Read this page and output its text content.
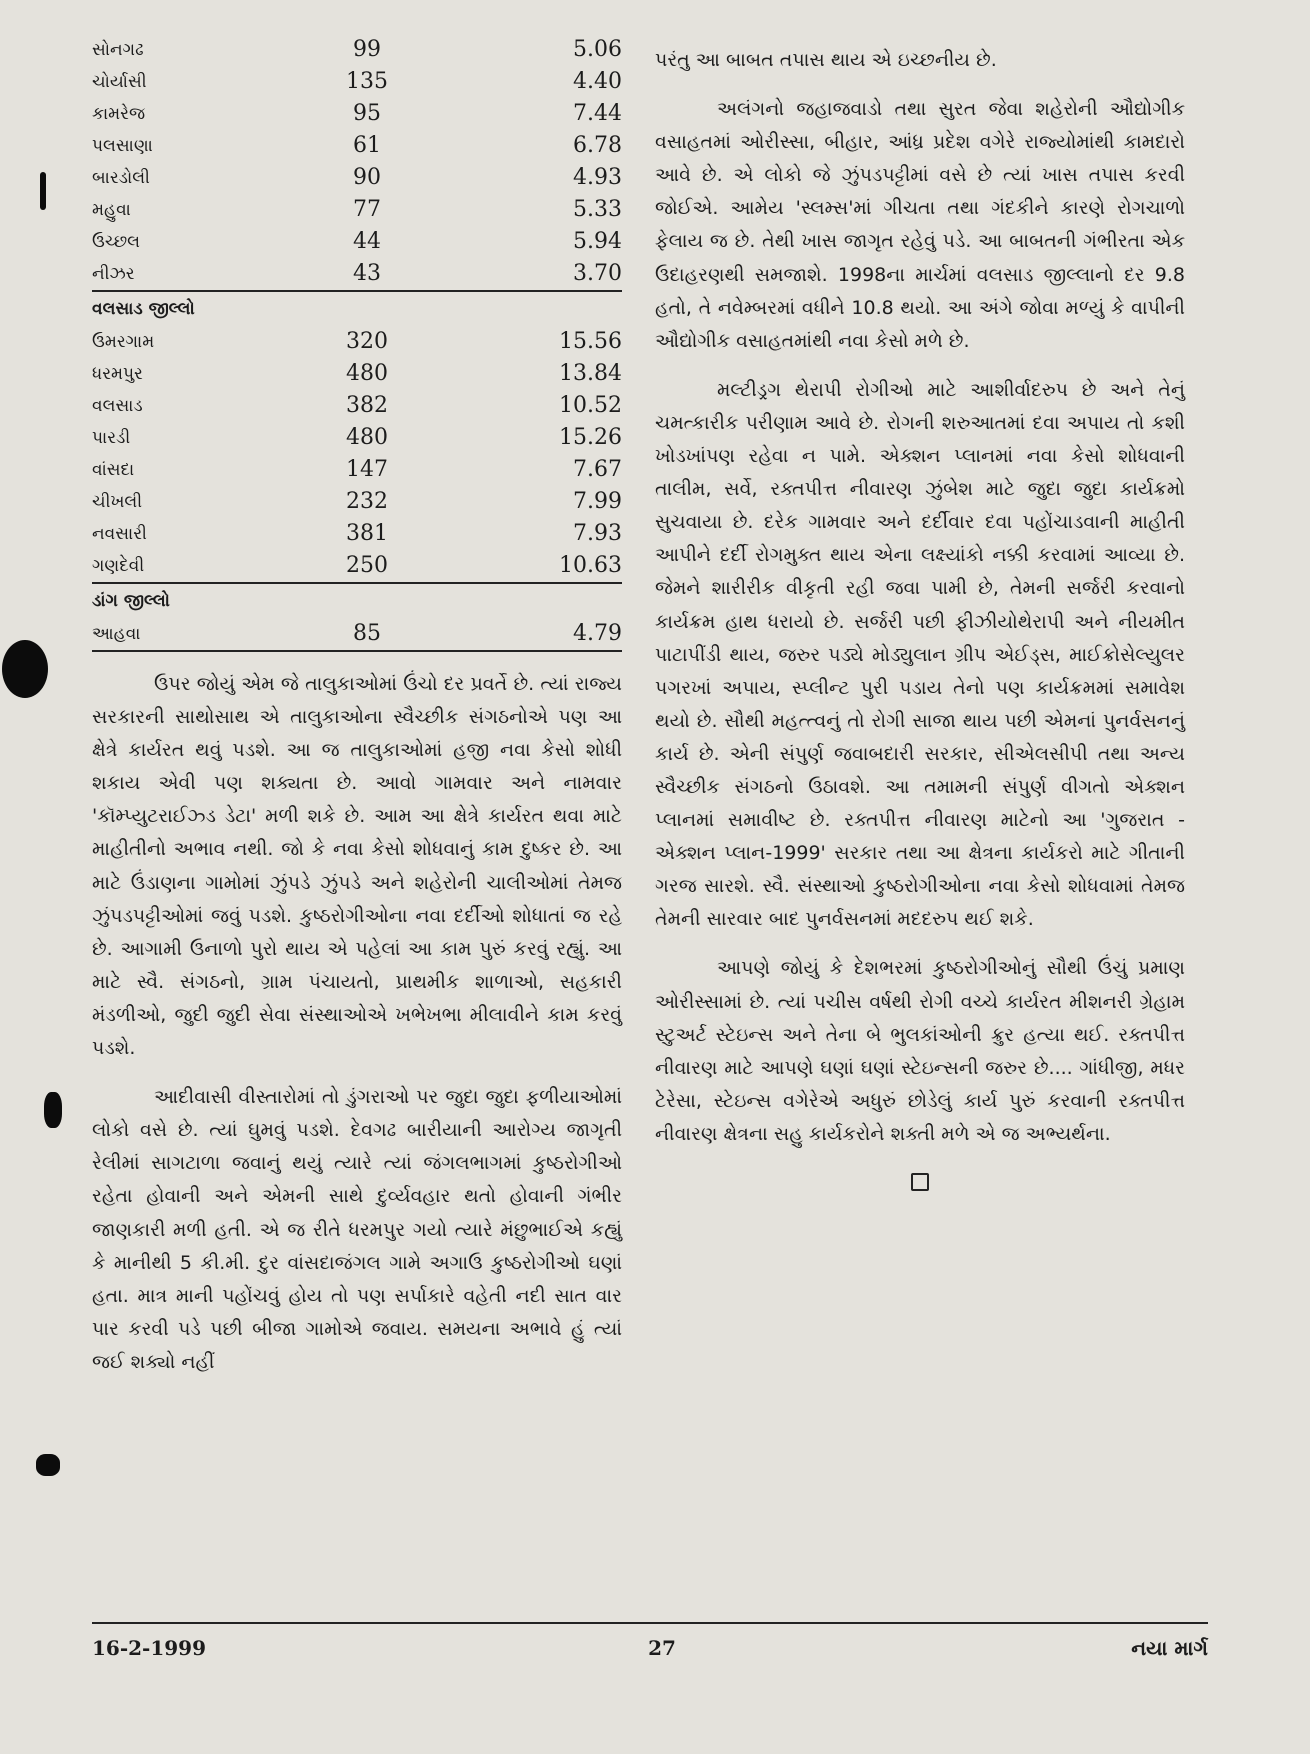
સોનગઢ	99	5.06
ચોર્યાસી	135	4.40
કામરેજ	95	7.44
પલસાણા	61	6.78
બારડોલી	90	4.93
મહુવા	77	5.33
ઉચ્છલ	44	5.94
નીઝર	43	3.70
વલસાડ જીલ્લો		
ઉમરગામ	320	15.56
ધરમપુર	480	13.84
વલસાડ	382	10.52
પારડી	480	15.26
વાંસદા	147	7.67
ચીખલી	232	7.99
નવસારી	381	7.93
ગણદેવી	250	10.63
ડાંગ જીલ્લો		
આહવા	85	4.79

ઉપર જોયું એમ જે તાલુકાઓમાં ઉંચો દર પ્રવર્તે છે. ત્યાં રાજ્ય સરકારની સાથોસાથ એ તાલુકાઓના સ્વૈચ્છીક સંગઠનોએ પણ આ ક્ષેત્રે કાર્યરત થવું પડશે. આ જ તાલુકાઓમાં હજી નવા કેસો શોધી શકાય એવી પણ શક્યતા છે. આવો ગામવાર અને નામવાર 'કૉમ્પ્યુટરાઈઝ્ડ ડેટા' મળી શકે છે. આમ આ ક્ષેત્રે કાર્યરત થવા માટે માહીતીનો અભાવ નથી. જો કે નવા કેસો શોધવાનું કામ દુષ્કર છે. આ માટે ઉંડાણના ગામોમાં ઝુંપડે ઝુંપડે અને શહેરોની ચાલીઓમાં તેમજ ઝુંપડપટ્ટીઓમાં જવું પડશે. કુષ્ઠરોગીઓના નવા દર્દીઓ શોધાતાં જ રહે છે. આગામી ઉનાળો પુરો થાય એ પહેલાં આ કામ પુરું કરવું રહ્યું. આ માટે સ્વૈ. સંગઠનો, ગ્રામ પંચાયતો, પ્રાથમીક શાળાઓ, સહકારી મંડળીઓ, જુદી જુદી સેવા સંસ્થાઓએ ખભેખભા મીલાવીને કામ કરવું પડશે.

આદીવાસી વીસ્તારોમાં તો ડુંગરાઓ પર જુદા જુદા ફળીયાઓમાં લોકો વસે છે. ત્યાં ઘુમવું પડશે. દેવગઢ બારીયાની આરોગ્ય જાગૃતી રેલીમાં સાગટાળા જવાનું થયું ત્યારે ત્યાં જંગલભાગમાં કુષ્ઠરોગીઓ રહેતા હોવાની અને એમની સાથે દુર્વ્યવહાર થતો હોવાની ગંભીર જાણકારી મળી હતી. એ જ રીતે ધરમપુર ગયો ત્યારે મંછુભાઈએ કહ્યું કે માનીથી 5 કી.મી. દુર વાંસદાજંગલ ગામે અગાઉ કુષ્ઠરોગીઓ ઘણાં હતા. માત્ર માની પહોંચવું હોય તો પણ સર્પાકારે વહેતી નદી સાત વાર પાર કરવી પડે પછી બીજા ગામોએ જવાય. સમયના અભાવે હું ત્યાં જઈ શક્યો નહીં

પરંતુ આ બાબત તપાસ થાય એ ઇચ્છનીય છે.

અલંગનો જહાજવાડો તથા સુરત જેવા શહેરોની ઔદ્યોગીક વસાહતમાં ઓરીસ્સા, બીહાર, આંધ્ર પ્રદેશ વગેરે રાજ્યોમાંથી કામદારો આવે છે. એ લોકો જે ઝુંપડપટ્ટીમાં વસે છે ત્યાં ખાસ તપાસ કરવી જોઈએ. આમેય 'સ્લમ્સ'માં ગીચતા તથા ગંદકીને કારણે રોગચાળો ફેલાય જ છે. તેથી ખાસ જાગૃત રહેવું પડે. આ બાબતની ગંભીરતા એક ઉદાહરણથી સમજાશે. 1998ના માર્ચમાં વલસાડ જીલ્લાનો દર 9.8 હતો, તે નવેમ્બરમાં વધીને 10.8 થયો. આ અંગે જોવા મળ્યું કે વાપીની ઔદ્યોગીક વસાહતમાંથી નવા કેસો મળે છે.

મલ્ટીડ્રગ થેરાપી રોગીઓ માટે આશીર્વાદરુપ છે અને તેનું ચમત્કારીક પરીણામ આવે છે. રોગની શરુઆતમાં દવા અપાય તો કશી ખોડખાંપણ રહેવા ન પામે. એક્શન પ્લાનમાં નવા કેસો શોધવાની તાલીમ, સર્વે, રક્તપીત્ત નીવારણ ઝુંબેશ માટે જુદા જુદા કાર્યક્રમો સુચવાયા છે. દરેક ગામવાર અને દર્દીવાર દવા પહોંચાડવાની માહીતી આપીને દર્દી રોગમુક્ત થાય એના લક્ષ્યાંકો નક્કી કરવામાં આવ્યા છે. જેમને શારીરીક વીકૃતી રહી જવા પામી છે, તેમની સર્જરી કરવાનો કાર્યક્રમ હાથ ધરાયો છે. સર્જરી પછી ફીઝીયોથેરાપી અને નીયમીત પાટાપીંડી થાય, જરુર પડ્યે મોડ્યુલાન ગ્રીપ એઈડ્સ, માઈક્રોસેલ્યુલર પગરખાં અપાય, સ્પ્લીન્ટ પુરી પડાય તેનો પણ કાર્યક્રમમાં સમાવેશ થયો છે. સૌથી મહત્ત્વનું તો રોગી સાજા થાય પછી એમનાં પુનર્વસનનું કાર્ય છે. એની સંપુર્ણ જવાબદારી સરકાર, સીએલસીપી તથા અન્ય સ્વૈચ્છીક સંગઠનો ઉઠાવશે. આ તમામની સંપુર્ણ વીગતો એક્શન પ્લાનમાં સમાવીષ્ટ છે. રક્તપીત્ત નીવારણ માટેનો આ 'ગુજરાત - એક્શન પ્લાન-1999' સરકાર તથા આ ક્ષેત્રના કાર્યકરો માટે ગીતાની ગરજ સારશે. સ્વૈ. સંસ્થાઓ કુષ્ઠરોગીઓના નવા કેસો શોધવામાં તેમજ તેમની સારવાર બાદ પુનર્વસનમાં મદદરુપ થઈ શકે.

આપણે જોયું કે દેશભરમાં કુષ્ઠરોગીઓનું સૌથી ઉંચું પ્રમાણ ઓરીસ્સામાં છે. ત્યાં પચીસ વર્ષથી રોગી વચ્ચે કાર્યરત મીશનરી ગ્રેહામ સ્ટુઅર્ટ સ્ટેઇન્સ અને તેના બે ભુલકાંઓની ક્રુર હત્યા થઈ. રક્તપીત્ત નીવારણ માટે આપણે ઘણાં ઘણાં સ્ટેઇન્સની જરુર છે.... ગાંધીજી, મધર ટેરેસા, સ્ટેઇન્સ વગેરેએ અધુરું છોડેલું કાર્ય પુરું કરવાની રક્તપીત્ત નીવારણ ક્ષેત્રના સહુ કાર્યકરોને શક્તી મળે એ જ અભ્યર્થના.

16-2-1999	27	નયા માર્ગ
